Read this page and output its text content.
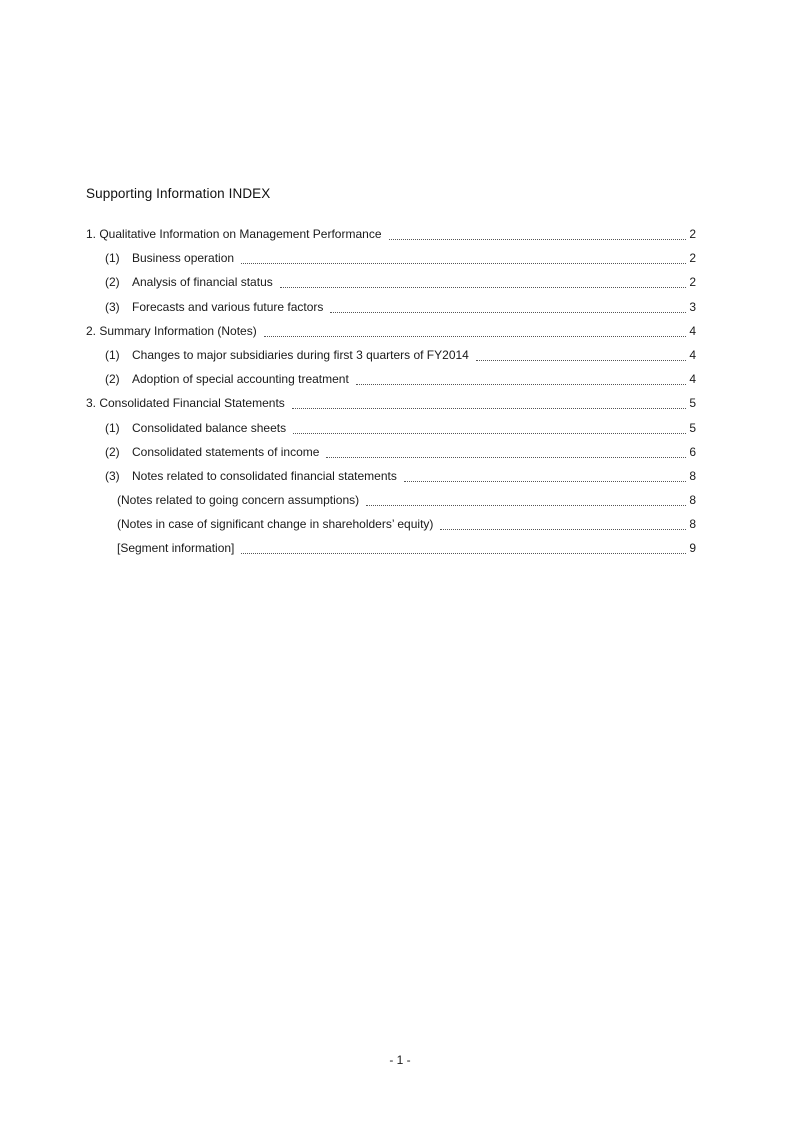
Supporting Information INDEX
1. Qualitative Information on Management Performance	2
(1)	Business operation	2
(2)	Analysis of financial status	2
(3)	Forecasts and various future factors	3
2. Summary Information (Notes)	4
(1)	Changes to major subsidiaries during first 3 quarters of FY2014	4
(2)	Adoption of special accounting treatment	4
3. Consolidated Financial Statements	5
(1)	Consolidated balance sheets	5
(2)	Consolidated statements of income	6
(3)	Notes related to consolidated financial statements	8
(Notes related to going concern assumptions)	8
(Notes in case of significant change in shareholders’ equity)	8
[Segment information]	9
- 1 -
